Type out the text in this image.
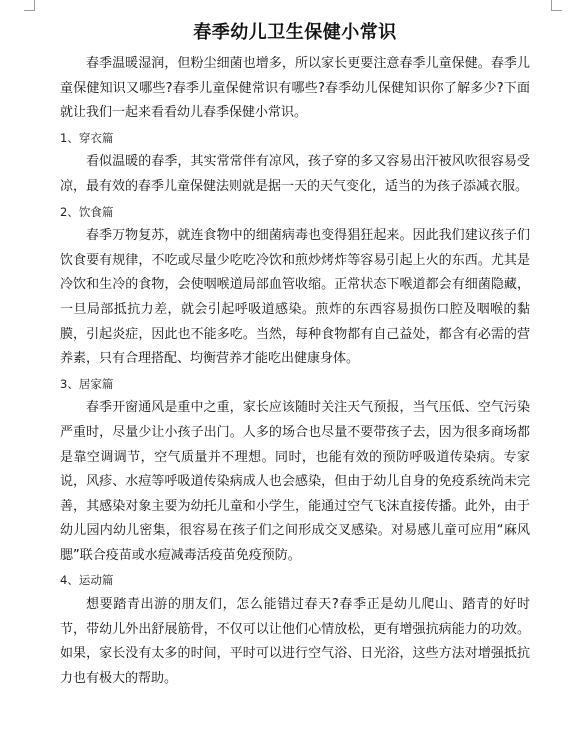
春季幼儿卫生保健小常识

春季温暖湿润，但粉尘细菌也增多，所以家长更要注意春季儿童保健。春季儿童保健知识又哪些?春季儿童保健常识有哪些?春季幼儿保健知识你了解多少?下面就让我们一起来看看幼儿春季保健小常识。

1、穿衣篇

看似温暖的春季，其实常常伴有凉风，孩子穿的多又容易出汗被风吹很容易受凉，最有效的春季儿童保健法则就是据一天的天气变化，适当的为孩子添减衣服。

2、饮食篇

春季万物复苏，就连食物中的细菌病毒也变得猖狂起来。因此我们建议孩子们饮食要有规律，不吃或尽量少吃吃冷饮和煎炒烤炸等容易引起上火的东西。尤其是冷饮和生冷的食物，会使咽喉道局部血管收缩。正常状态下喉道都会有细菌隐藏，一旦局部抵抗力差，就会引起呼吸道感染。煎炸的东西容易损伤口腔及咽喉的黏膜，引起炎症，因此也不能多吃。当然，每种食物都有自己益处，都含有必需的营养素，只有合理搭配、均衡营养才能吃出健康身体。

3、居家篇

春季开窗通风是重中之重，家长应该随时关注天气预报，当气压低、空气污染严重时，尽量少让小孩子出门。人多的场合也尽量不要带孩子去，因为很多商场都是靠空调调节，空气质量并不理想。同时，也能有效的预防呼吸道传染病。专家说，风疹、水痘等呼吸道传染病成人也会感染，但由于幼儿自身的免疫系统尚未完善，其感染对象主要为幼托儿童和小学生，能通过空气飞沫直接传播。此外，由于幼儿园内幼儿密集，很容易在孩子们之间形成交叉感染。对易感儿童可应用“麻风腮”联合疫苗或水痘减毒活疫苗免疫预防。

4、运动篇

想要踏青出游的朋友们，怎么能错过春天?春季正是幼儿爬山、踏青的好时节，带幼儿外出舒展筋骨，不仅可以让他们心情放松，更有增强抗病能力的功效。如果，家长没有太多的时间，平时可以进行空气浴、日光浴，这些方法对增强抵抗力也有极大的帮助。
